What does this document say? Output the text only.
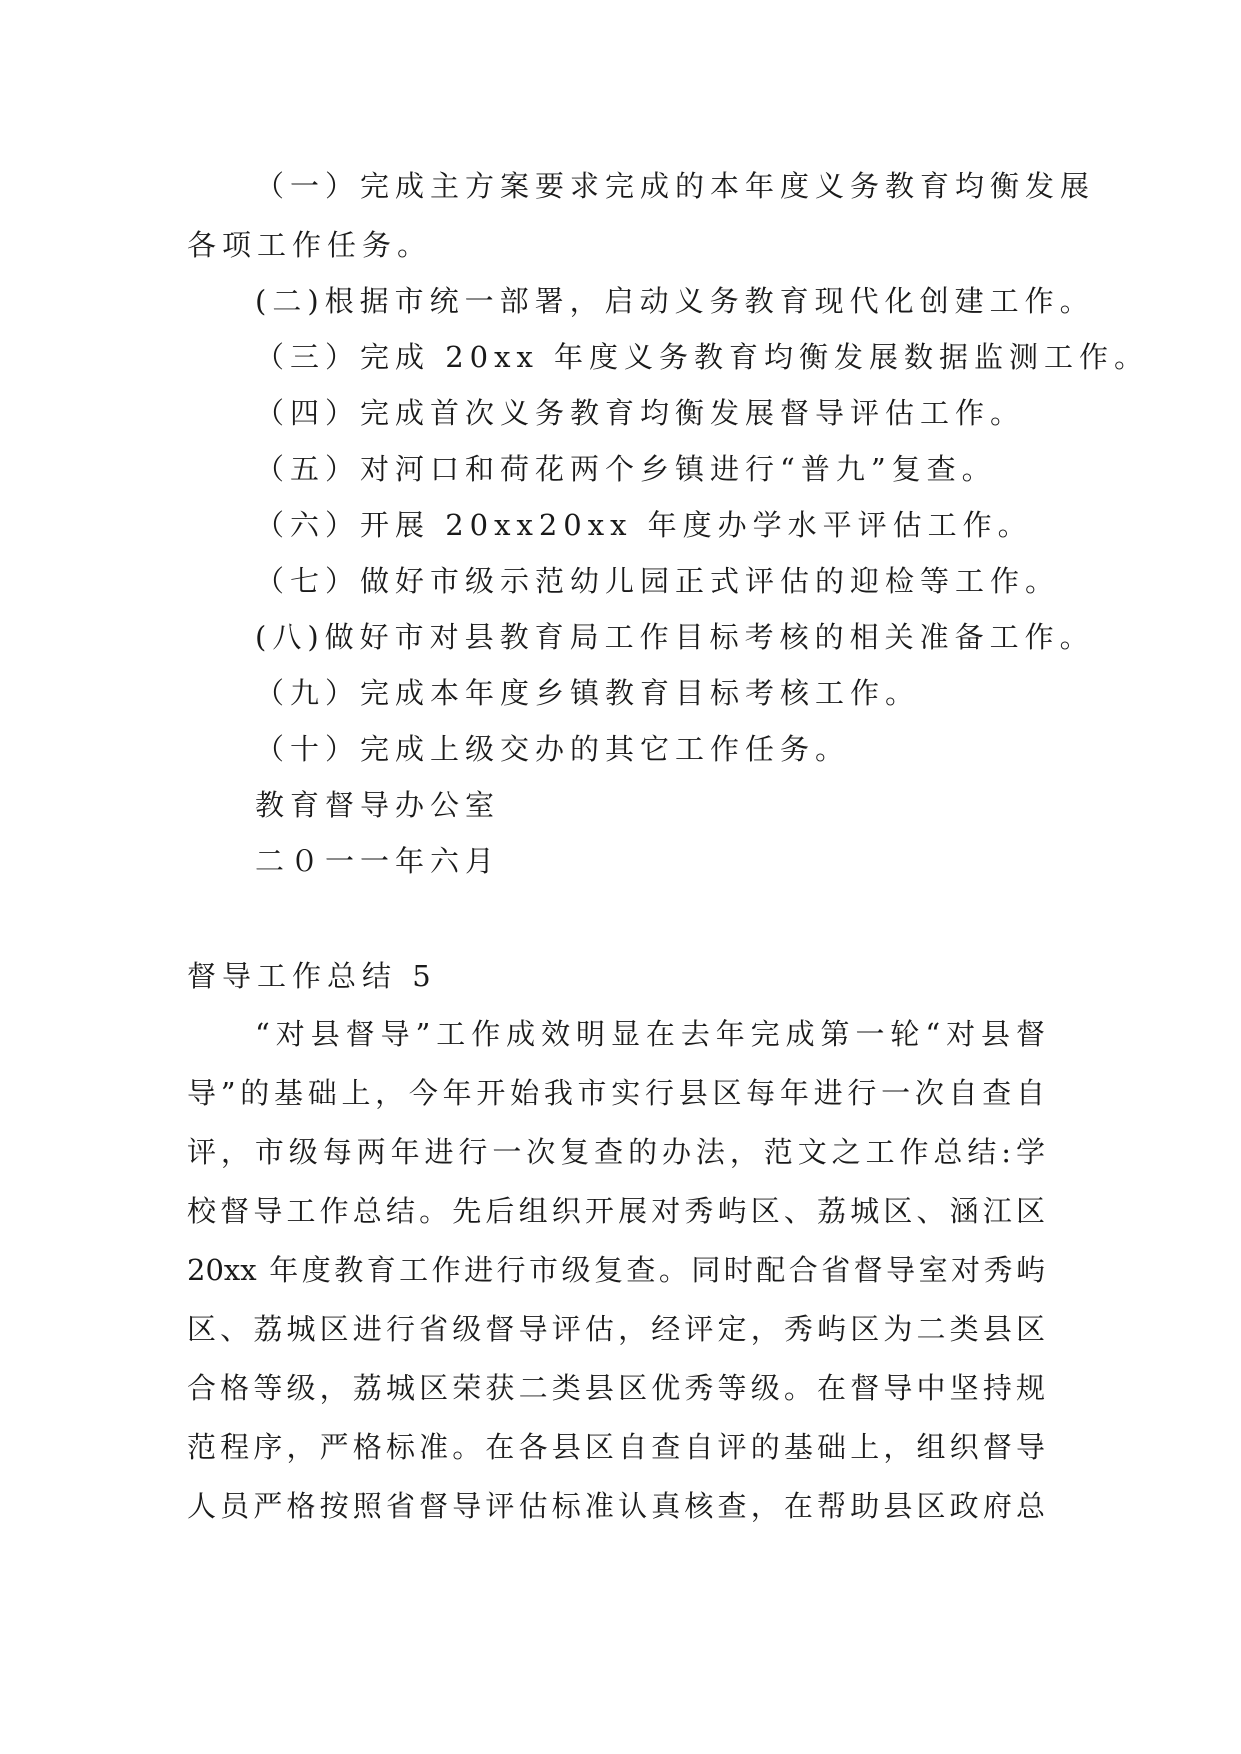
（一）完成主方案要求完成的本年度义务教育均衡发展
各项工作任务。
(二)根据市统一部署，启动义务教育现代化创建工作。
（三）完成 20xx 年度义务教育均衡发展数据监测工作。
（四）完成首次义务教育均衡发展督导评估工作。
（五）对河口和荷花两个乡镇进行“普九”复查。
（六）开展 20xx20xx 年度办学水平评估工作。
（七）做好市级示范幼儿园正式评估的迎检等工作。
(八)做好市对县教育局工作目标考核的相关准备工作。
（九）完成本年度乡镇教育目标考核工作。
（十）完成上级交办的其它工作任务。
教育督导办公室
二０一一年六月
督导工作总结 5
“对县督导”工作成效明显在去年完成第一轮“对县督
导”的基础上，今年开始我市实行县区每年进行一次自查自
评，市级每两年进行一次复查的办法，范文之工作总结:学
校督导工作总结。先后组织开展对秀屿区、荔城区、涵江区
20xx 年度教育工作进行市级复查。同时配合省督导室对秀屿
区、荔城区进行省级督导评估，经评定，秀屿区为二类县区
合格等级，荔城区荣获二类县区优秀等级。在督导中坚持规
范程序，严格标准。在各县区自查自评的基础上，组织督导
人员严格按照省督导评估标准认真核查，在帮助县区政府总
